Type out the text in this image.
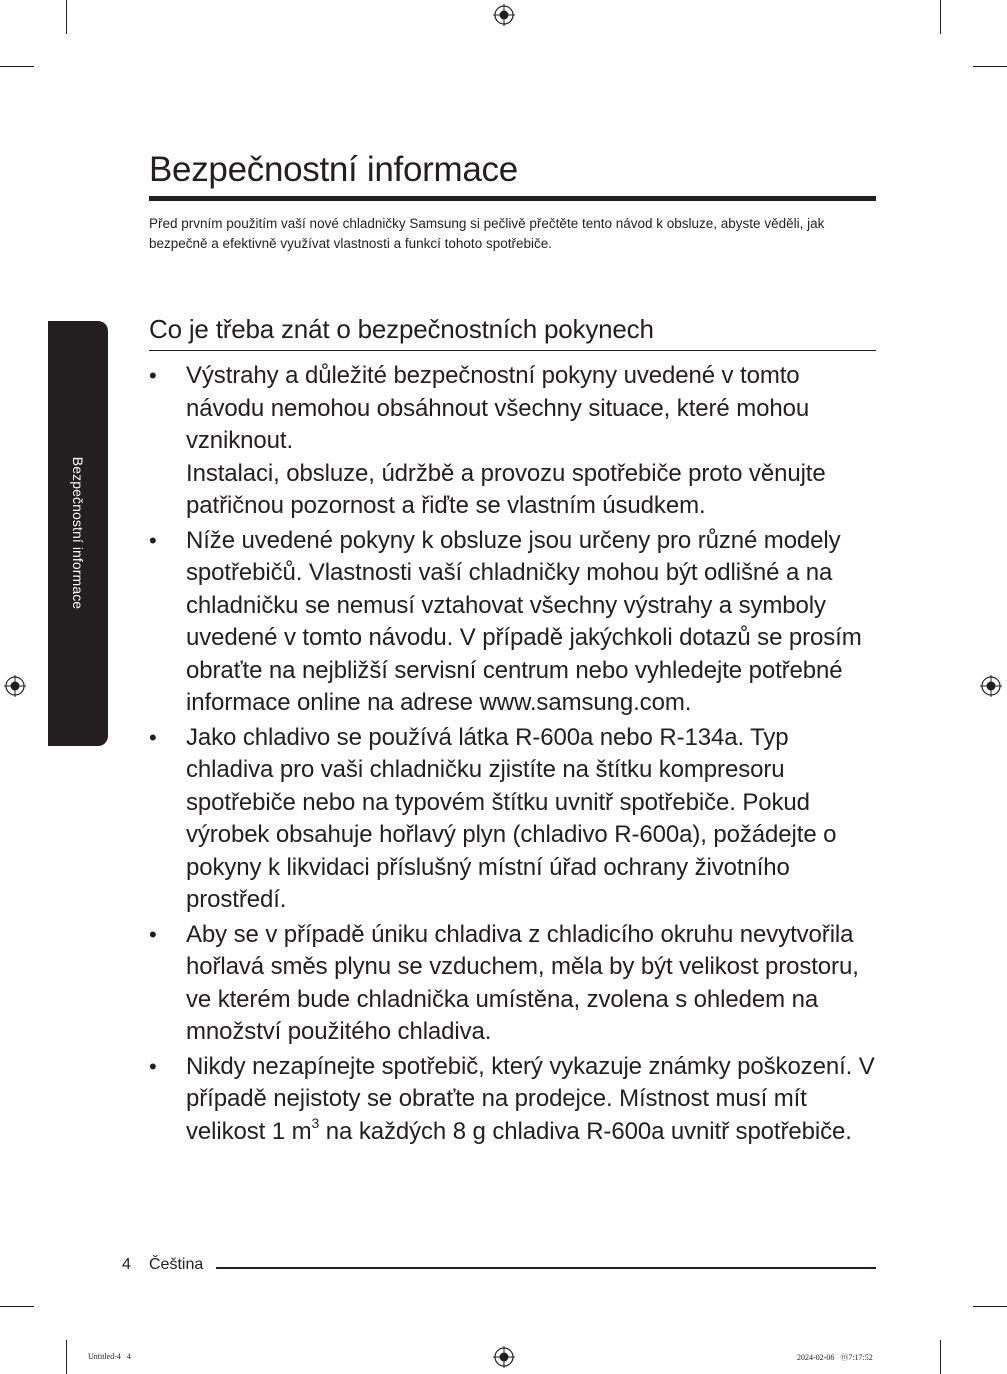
Bezpečnostní informace
Bezpečnostní informace

Před prvním použitím vaší nové chladničky Samsung si pečlivě přečtěte tento návod k obsluze, abyste věděli, jak bezpečně a efektivně využívat vlastnosti a funkcí tohoto spotřebiče.

Co je třeba znát o bezpečnostních pokynech
• Výstrahy a důležité bezpečnostní pokyny uvedené v tomto návodu nemohou obsáhnout všechny situace, které mohou vzniknout.
Instalaci, obsluze, údržbě a provozu spotřebiče proto věnujte patřičnou pozornost a řiďte se vlastním úsudkem.
• Níže uvedené pokyny k obsluze jsou určeny pro různé modely spotřebičů. Vlastnosti vaší chladničky mohou být odlišné a na chladničku se nemusí vztahovat všechny výstrahy a symboly uvedené v tomto návodu. V případě jakýchkoli dotazů se prosím obraťte na nejbližší servisní centrum nebo vyhledejte potřebné informace online na adrese www.samsung.com.
• Jako chladivo se používá látka R-600a nebo R-134a. Typ chladiva pro vaši chladničku zjistíte na štítku kompresoru spotřebiče nebo na typovém štítku uvnitř spotřebiče. Pokud výrobek obsahuje hořlavý plyn (chladivo R-600a), požádejte o pokyny k likvidaci příslušný místní úřad ochrany životního prostředí.
• Aby se v případě úniku chladiva z chladicího okruhu nevytvořila hořlavá směs plynu se vzduchem, měla by být velikost prostoru, ve kterém bude chladnička umístěna, zvolena s ohledem na množství použitého chladiva.
• Nikdy nezapínejte spotřebič, který vykazuje známky poškození. V případě nejistoty se obraťte na prodejce. Místnost musí mít velikost 1 $m^3$ na každých 8 g chladiva R-600a uvnitř spotřebiče.
4 Čeština
Untitled-4   4	2024-02-06   ⓜ7:17:52
